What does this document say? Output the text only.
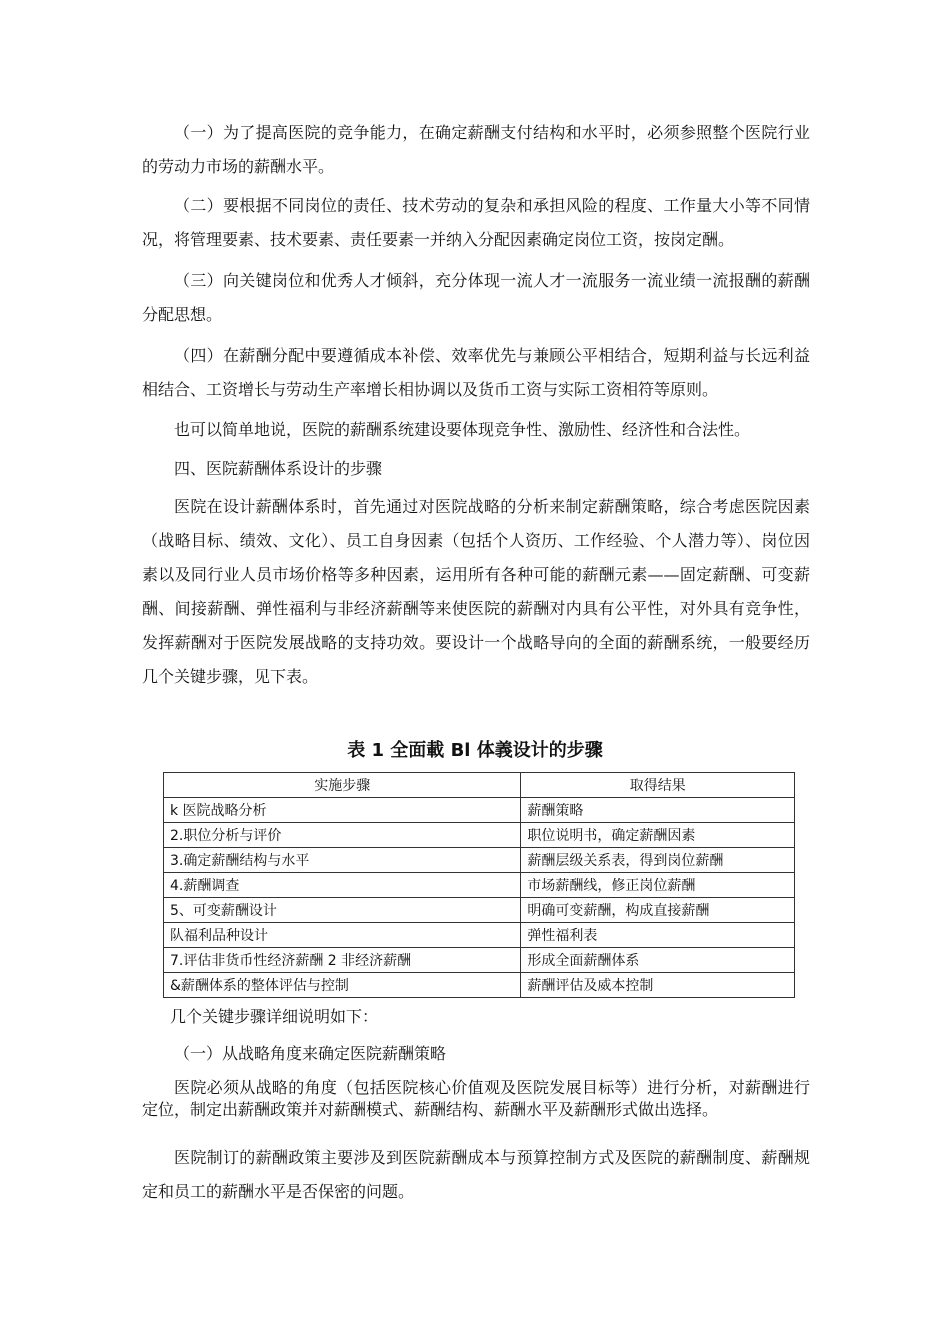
（一）为了提高医院的竞争能力，在确定薪酬支付结构和水平时，必须参照整个医院行业的劳动力市场的薪酬水平。

（二）要根据不同岗位的责任、技术劳动的复杂和承担风险的程度、工作量大小等不同情况，将管理要素、技术要素、责任要素一并纳入分配因素确定岗位工资，按岗定酬。

（三）向关键岗位和优秀人才倾斜，充分体现一流人才一流服务一流业绩一流报酬的薪酬分配思想。

（四）在薪酬分配中要遵循成本补偿、效率优先与兼顾公平相结合，短期利益与长远利益相结合、工资增长与劳动生产率增长相协调以及货币工资与实际工资相符等原则。

也可以简单地说，医院的薪酬系统建设要体现竞争性、激励性、经济性和合法性。

四、医院薪酬体系设计的步骤

医院在设计薪酬体系时，首先通过对医院战略的分析来制定薪酬策略，综合考虑医院因素（战略目标、绩效、文化）、员工自身因素（包括个人资历、工作经验、个人潜力等）、岗位因素以及同行业人员市场价格等多种因素，运用所有各种可能的薪酬元素——固定薪酬、可变薪酬、间接薪酬、弹性福利与非经济薪酬等来使医院的薪酬对内具有公平性，对外具有竞争性，发挥薪酬对于医院发展战略的支持功效。要设计一个战略导向的全面的薪酬系统，一般要经历几个关键步骤，见下表。

表 1 全面載 Bl 体義设计的步骤
实施步骤	取得结果
k 医院战略分析	薪酬策略
2.职位分析与评价	职位说明书，确定薪酬因素
3.确定薪酬结构与水平	薪酬层级关系表，得到岗位薪酬
4.薪酬调查	市场薪酬线，修正岗位薪酬
5、可变薪酬设计	明确可变薪酬，构成直接薪酬
队福利品种设计	弹性福利表
7.评估非货币性经济薪酬 2 非经济薪酬	形成全面薪酬体系
&薪酬体系的整体评估与控制	薪酬评估及威本控制

几个关键步骤详细说明如下：

（一）从战略角度来确定医院薪酬策略

医院必须从战略的角度（包括医院核心价值观及医院发展目标等）进行分析，对薪酬进行定位，制定出薪酬政策并对薪酬模式、薪酬结构、薪酬水平及薪酬形式做出选择。

医院制订的薪酬政策主要涉及到医院薪酬成本与预算控制方式及医院的薪酬制度、薪酬规定和员工的薪酬水平是否保密的问题。
